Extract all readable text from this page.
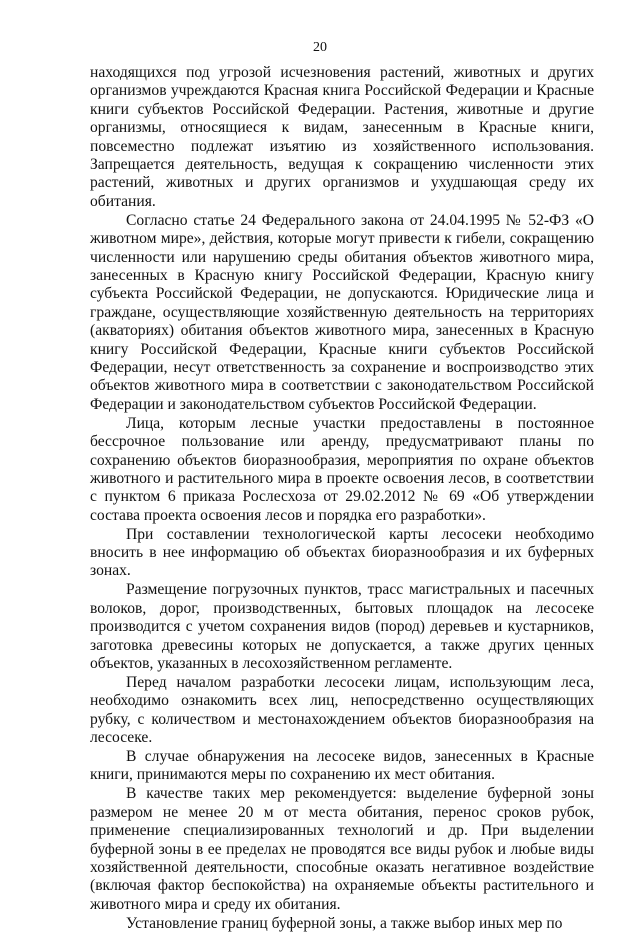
20

находящихся под угрозой исчезновения растений, животных и других организмов учреждаются Красная книга Российской Федерации и Красные книги субъектов Российской Федерации. Растения, животные и другие организмы, относящиеся к видам, занесенным в Красные книги, повсеместно подлежат изъятию из хозяйственного использования. Запрещается деятельность, ведущая к сокращению численности этих растений, животных и других организмов и ухудшающая среду их обитания.

Согласно статье 24 Федерального закона от 24.04.1995 № 52-ФЗ «О животном мире», действия, которые могут привести к гибели, сокращению численности или нарушению среды обитания объектов животного мира, занесенных в Красную книгу Российской Федерации, Красную книгу субъекта Российской Федерации, не допускаются. Юридические лица и граждане, осуществляющие хозяйственную деятельность на территориях (акваториях) обитания объектов животного мира, занесенных в Красную книгу Российской Федерации, Красные книги субъектов Российской Федерации, несут ответственность за сохранение и воспроизводство этих объектов животного мира в соответствии с законодательством Российской Федерации и законодательством субъектов Российской Федерации.

Лица, которым лесные участки предоставлены в постоянное бессрочное пользование или аренду, предусматривают планы по сохранению объектов биоразнообразия, мероприятия по охране объектов животного и растительного мира в проекте освоения лесов, в соответствии с пунктом 6 приказа Рослесхоза от 29.02.2012 № 69 «Об утверждении состава проекта освоения лесов и порядка его разработки».

При составлении технологической карты лесосеки необходимо вносить в нее информацию об объектах биоразнообразия и их буферных зонах.

Размещение погрузочных пунктов, трасс магистральных и пасечных волоков, дорог, производственных, бытовых площадок на лесосеке производится с учетом сохранения видов (пород) деревьев и кустарников, заготовка древесины которых не допускается, а также других ценных объектов, указанных в лесохозяйственном регламенте.

Перед началом разработки лесосеки лицам, использующим леса, необходимо ознакомить всех лиц, непосредственно осуществляющих рубку, с количеством и местонахождением объектов биоразнообразия на лесосеке.

В случае обнаружения на лесосеке видов, занесенных в Красные книги, принимаются меры по сохранению их мест обитания.

В качестве таких мер рекомендуется: выделение буферной зоны размером не менее 20 м от места обитания, перенос сроков рубок, применение специализированных технологий и др. При выделении буферной зоны в ее пределах не проводятся все виды рубок и любые виды хозяйственной деятельности, способные оказать негативное воздействие (включая фактор беспокойства) на охраняемые объекты растительного и животного мира и среду их обитания.

Установление границ буферной зоны, а также выбор иных мер по
